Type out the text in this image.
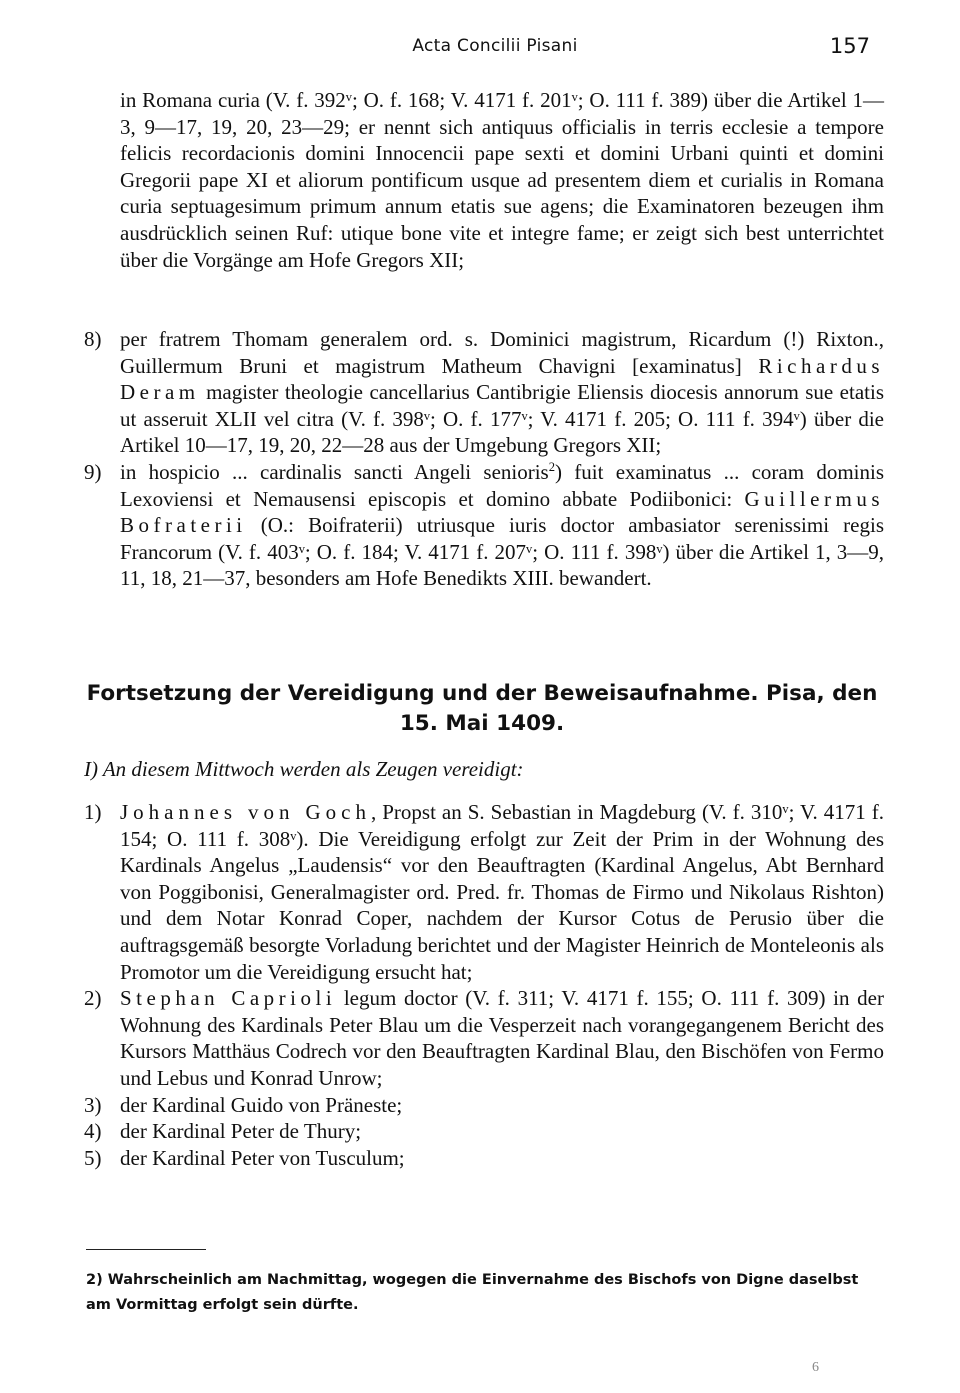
Acta Concilii Pisani	157
in Romana curia (V. f. 392ᵛ; O. f. 168; V. 4171 f. 201ᵛ; O. 111 f. 389) über die Artikel 1—3, 9—17, 19, 20, 23—29; er nennt sich antiquus officialis in terris ecclesie a tempore felicis recordacionis domini Innocencii pape sexti et domini Urbani quinti et domini Gregorii pape XI et aliorum pontificum usque ad presentem diem et curialis in Romana curia septuagesimum primum annum etatis sue agens; die Examinatoren bezeugen ihm ausdrücklich seinen Ruf: utique bone vite et integre fame; er zeigt sich best unterrichtet über die Vorgänge am Hofe Gregors XII;
8) per fratrem Thomam generalem ord. s. Dominici magistrum, Ricardum (!) Rixton., Guillermum Bruni et magistrum Matheum Chavigni [examinatus] Richardus Deram magister theologie cancellarius Cantibrigie Eliensis diocesis annorum sue etatis ut asseruit XLII vel citra (V. f. 398ᵛ; O. f. 177ᵛ; V. 4171 f. 205; O. 111 f. 394ᵛ) über die Artikel 10—17, 19, 20, 22—28 aus der Umgebung Gregors XII;
9) in hospicio ... cardinalis sancti Angeli senioris$^2$) fuit examinatus ... coram dominis Lexoviensi et Nemausensi episcopis et domino abbate Podiibonici: Guillermus Bofraterii (O.: Boifraterii) utriusque iuris doctor ambasiator serenissimi regis Francorum (V. f. 403ᵛ; O. f. 184; V. 4171 f. 207ᵛ; O. 111 f. 398ᵛ) über die Artikel 1, 3—9, 11, 18, 21—37, besonders am Hofe Benedikts XIII. bewandert.
Fortsetzung der Vereidigung und der Beweisaufnahme. Pisa, den
15. Mai 1409.
I) An diesem Mittwoch werden als Zeugen vereidigt:
1) Johannes von Goch, Propst an S. Sebastian in Magdeburg (V. f. 310ᵛ; V. 4171 f. 154; O. 111 f. 308ᵛ). Die Vereidigung erfolgt zur Zeit der Prim in der Wohnung des Kardinals Angelus „Laudensis“ vor den Beauftragten (Kardinal Angelus, Abt Bernhard von Poggibonisi, Generalmagister ord. Pred. fr. Thomas de Firmo und Nikolaus Rishton) und dem Notar Konrad Coper, nachdem der Kursor Cotus de Perusio über die auftragsgemäß besorgte Vorladung berichtet und der Magister Heinrich de Monteleonis als Promotor um die Vereidigung ersucht hat;
2) Stephan Caprioli legum doctor (V. f. 311; V. 4171 f. 155; O. 111 f. 309) in der Wohnung des Kardinals Peter Blau um die Vesperzeit nach vorangegangenem Bericht des Kursors Matthäus Codrech vor den Beauftragten Kardinal Blau, den Bischöfen von Fermo und Lebus und Konrad Unrow;
3) der Kardinal Guido von Präneste;
4) der Kardinal Peter de Thury;
5) der Kardinal Peter von Tusculum;
2) Wahrscheinlich am Nachmittag, wogegen die Einvernahme des Bischofs von Digne daselbst am Vormittag erfolgt sein dürfte.
6
